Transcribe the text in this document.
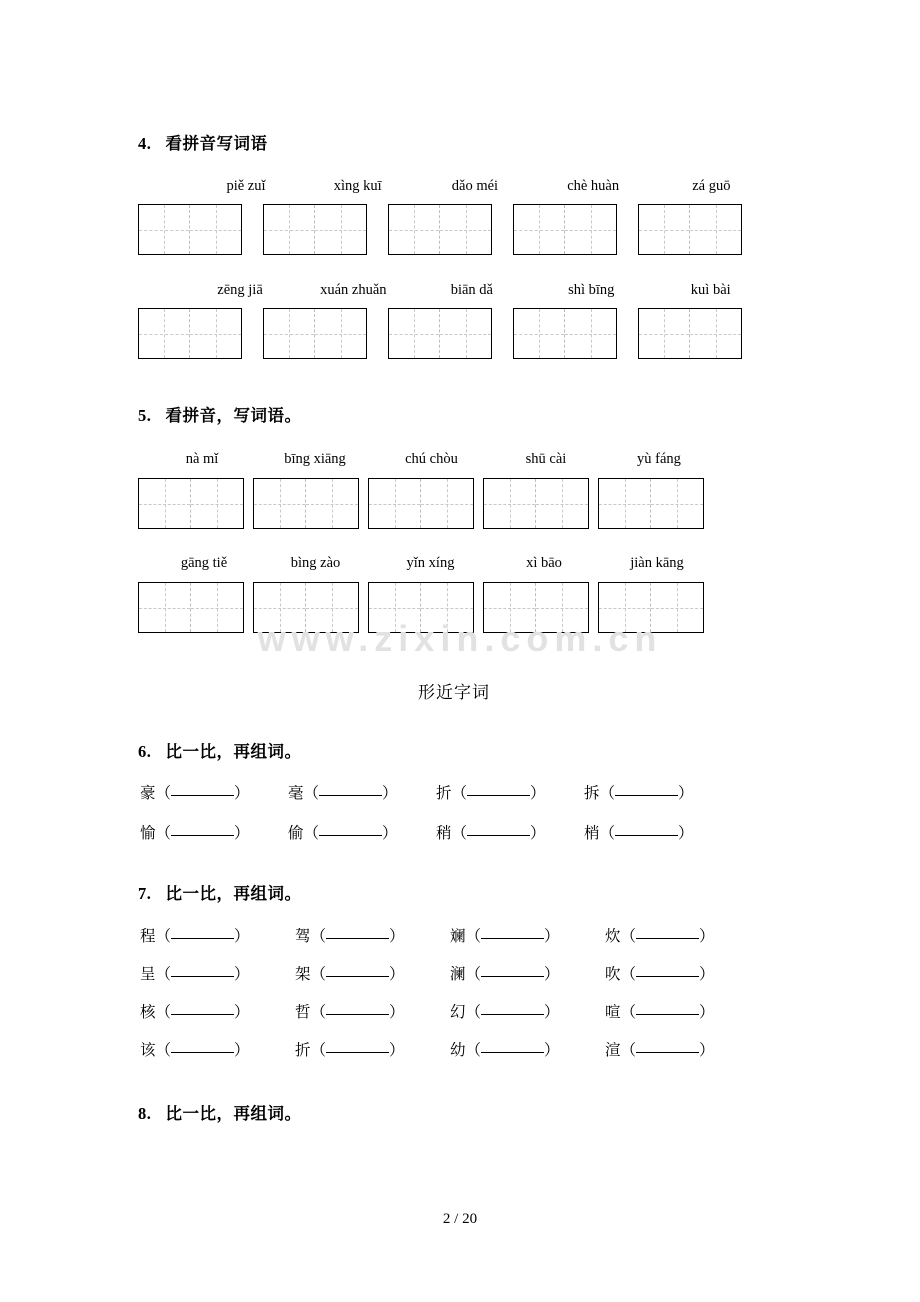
www.zixin.com.cn
4. 看拼音写词语
piě zuǐ	xìng kuī	dǎo méi	chè huàn	zá guō
zēng jiā	xuán zhuǎn	biān dǎ	shì bīng	kuì bài
5. 看拼音，写词语。
nà mǐ	bīng xiāng	chú chòu	shū cài	yù fáng
gāng tiě	bìng zào	yǐn xíng	xì bāo	jiàn kāng
形近字词
6. 比一比，再组词。
豪 （	） 毫 （	） 折 （	） 拆 （	）
愉 （	） 偷 （	） 稍 （	） 梢 （	）
7. 比一比，再组词。
程 （	）	驾 （	）	斓 （	）	炊 （	）
呈 （	）	架 （	）	澜 （	）	吹 （	）
核 （	）	哲 （	）	幻 （	）	喧 （	）
该 （	）	折 （	）	幼 （	）	渲 （	）
8. 比一比，再组词。
2 / 20
